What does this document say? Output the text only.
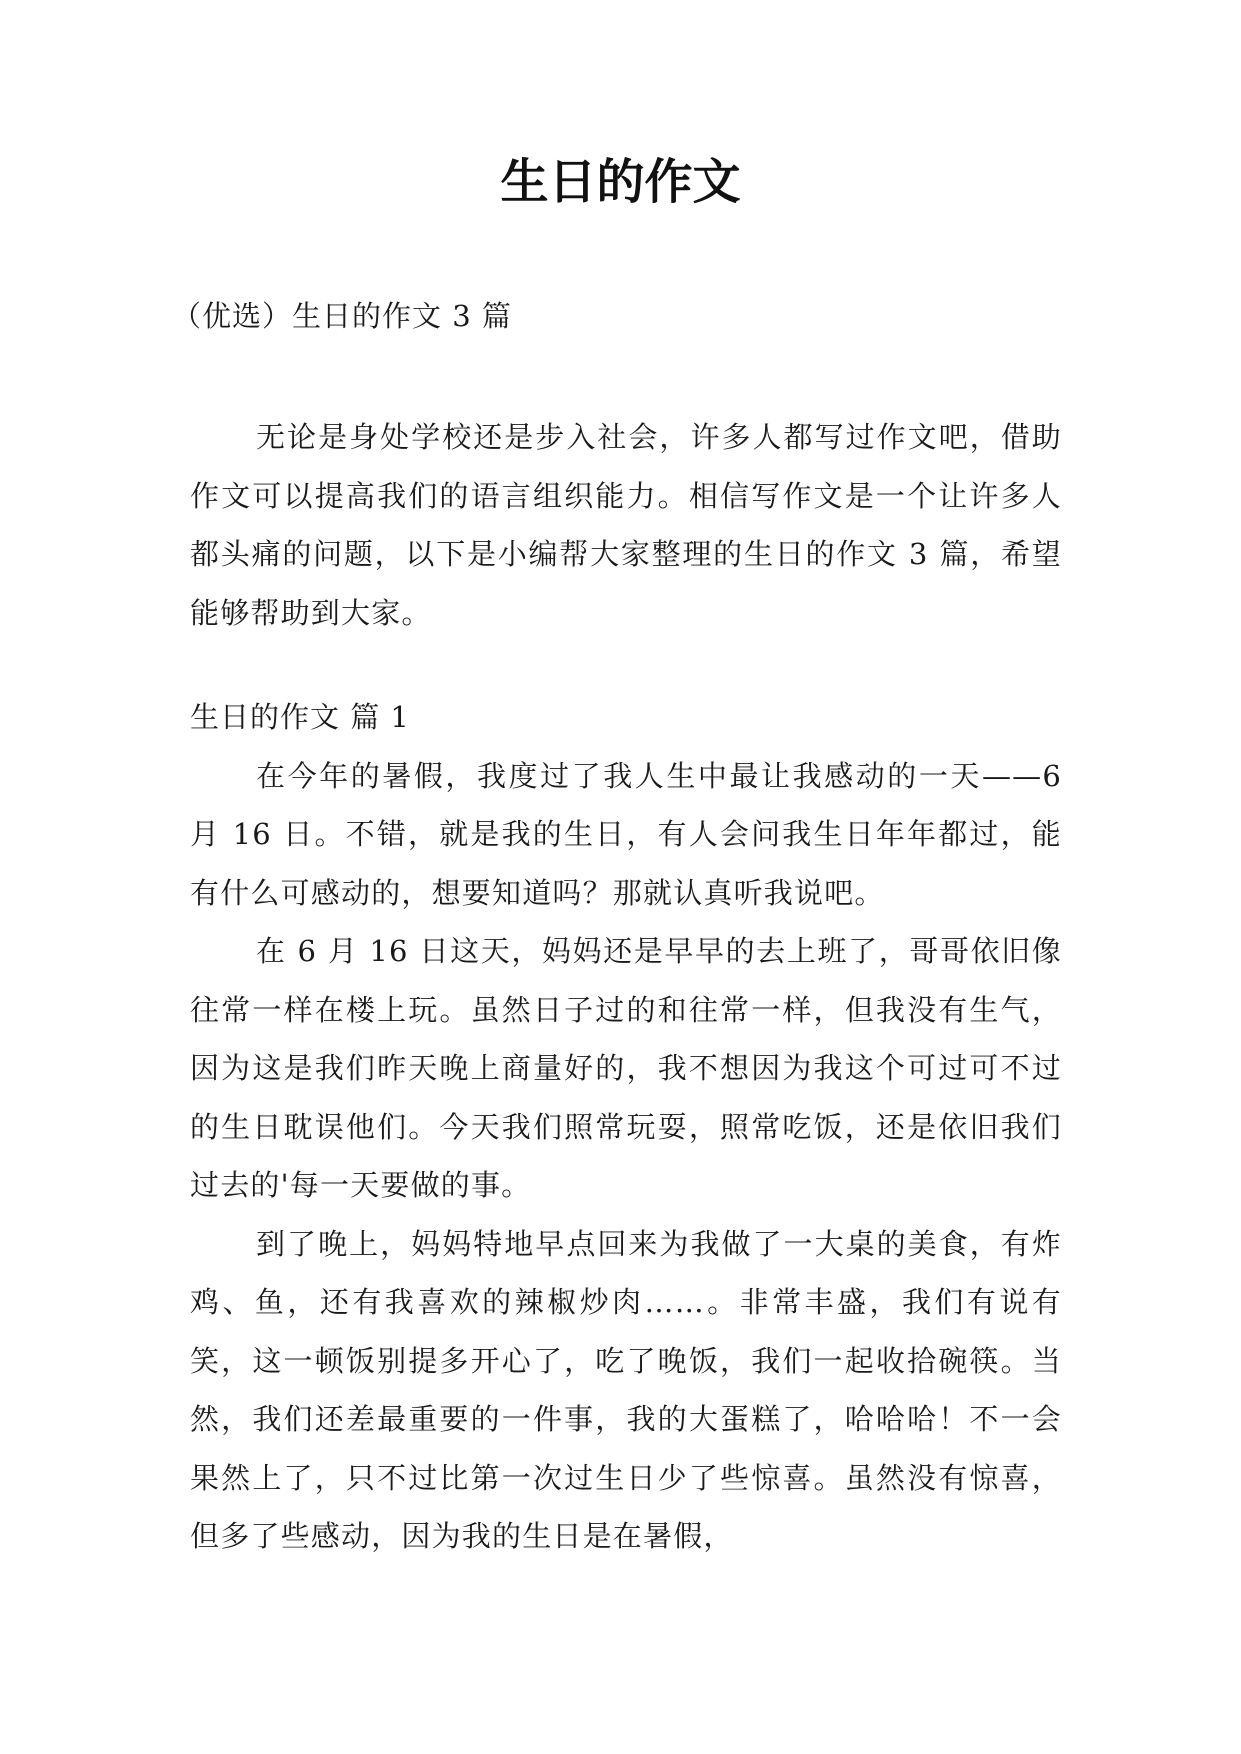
生日的作文
（优选）生日的作文 3 篇

无论是身处学校还是步入社会，许多人都写过作文吧，借助作文可以提高我们的语言组织能力。相信写作文是一个让许多人都头痛的问题，以下是小编帮大家整理的生日的作文 3 篇，希望能够帮助到大家。

生日的作文 篇 1

在今年的暑假，我度过了我人生中最让我感动的一天——6 月 16 日。不错，就是我的生日，有人会问我生日年年都过，能有什么可感动的，想要知道吗？那就认真听我说吧。

在 6 月 16 日这天，妈妈还是早早的去上班了，哥哥依旧像往常一样在楼上玩。虽然日子过的和往常一样，但我没有生气，因为这是我们昨天晚上商量好的，我不想因为我这个可过可不过的生日耽误他们。今天我们照常玩耍，照常吃饭，还是依旧我们过去的'每一天要做的事。

到了晚上，妈妈特地早点回来为我做了一大桌的美食，有炸鸡、鱼，还有我喜欢的辣椒炒肉……。非常丰盛，我们有说有笑，这一顿饭别提多开心了，吃了晚饭，我们一起收拾碗筷。当然，我们还差最重要的一件事，我的大蛋糕了，哈哈哈！不一会果然上了，只不过比第一次过生日少了些惊喜。虽然没有惊喜，但多了些感动，因为我的生日是在暑假，
